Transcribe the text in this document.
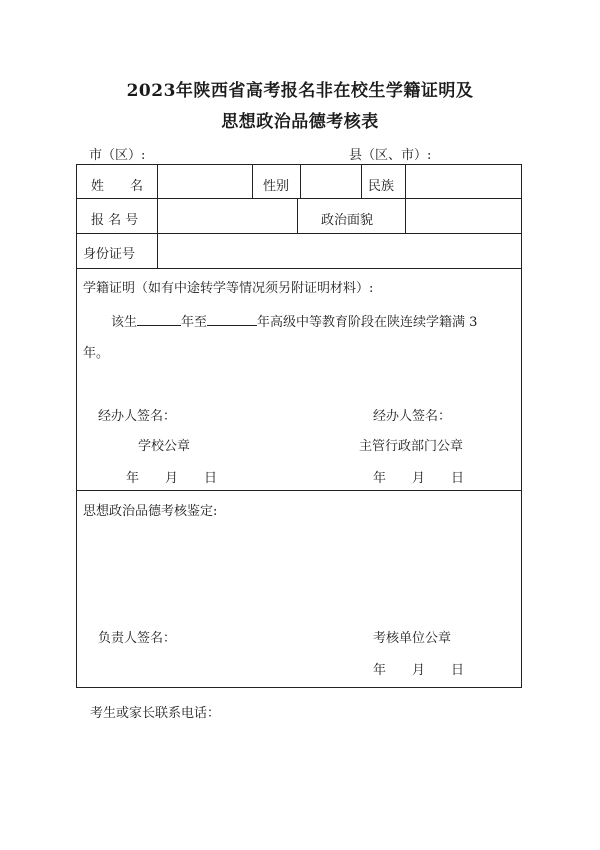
2023年陕西省高考报名非在校生学籍证明及
思想政治品德考核表
市（区）:	县（区、市）:
姓　　名	性别	民族
报 名 号	政治面貌
身份证号
学籍证明（如有中途转学等情况须另附证明材料）:
该生	年至	年高级中等教育阶段在陕连续学籍满 3
年。
经办人签名：	经办人签名：
学校公章	主管行政部门公章
年　　月　　日	年　　月　　日
思想政治品德考核鉴定:
负责人签名：	考核单位公章
年　　月　　日
考生或家长联系电话：
